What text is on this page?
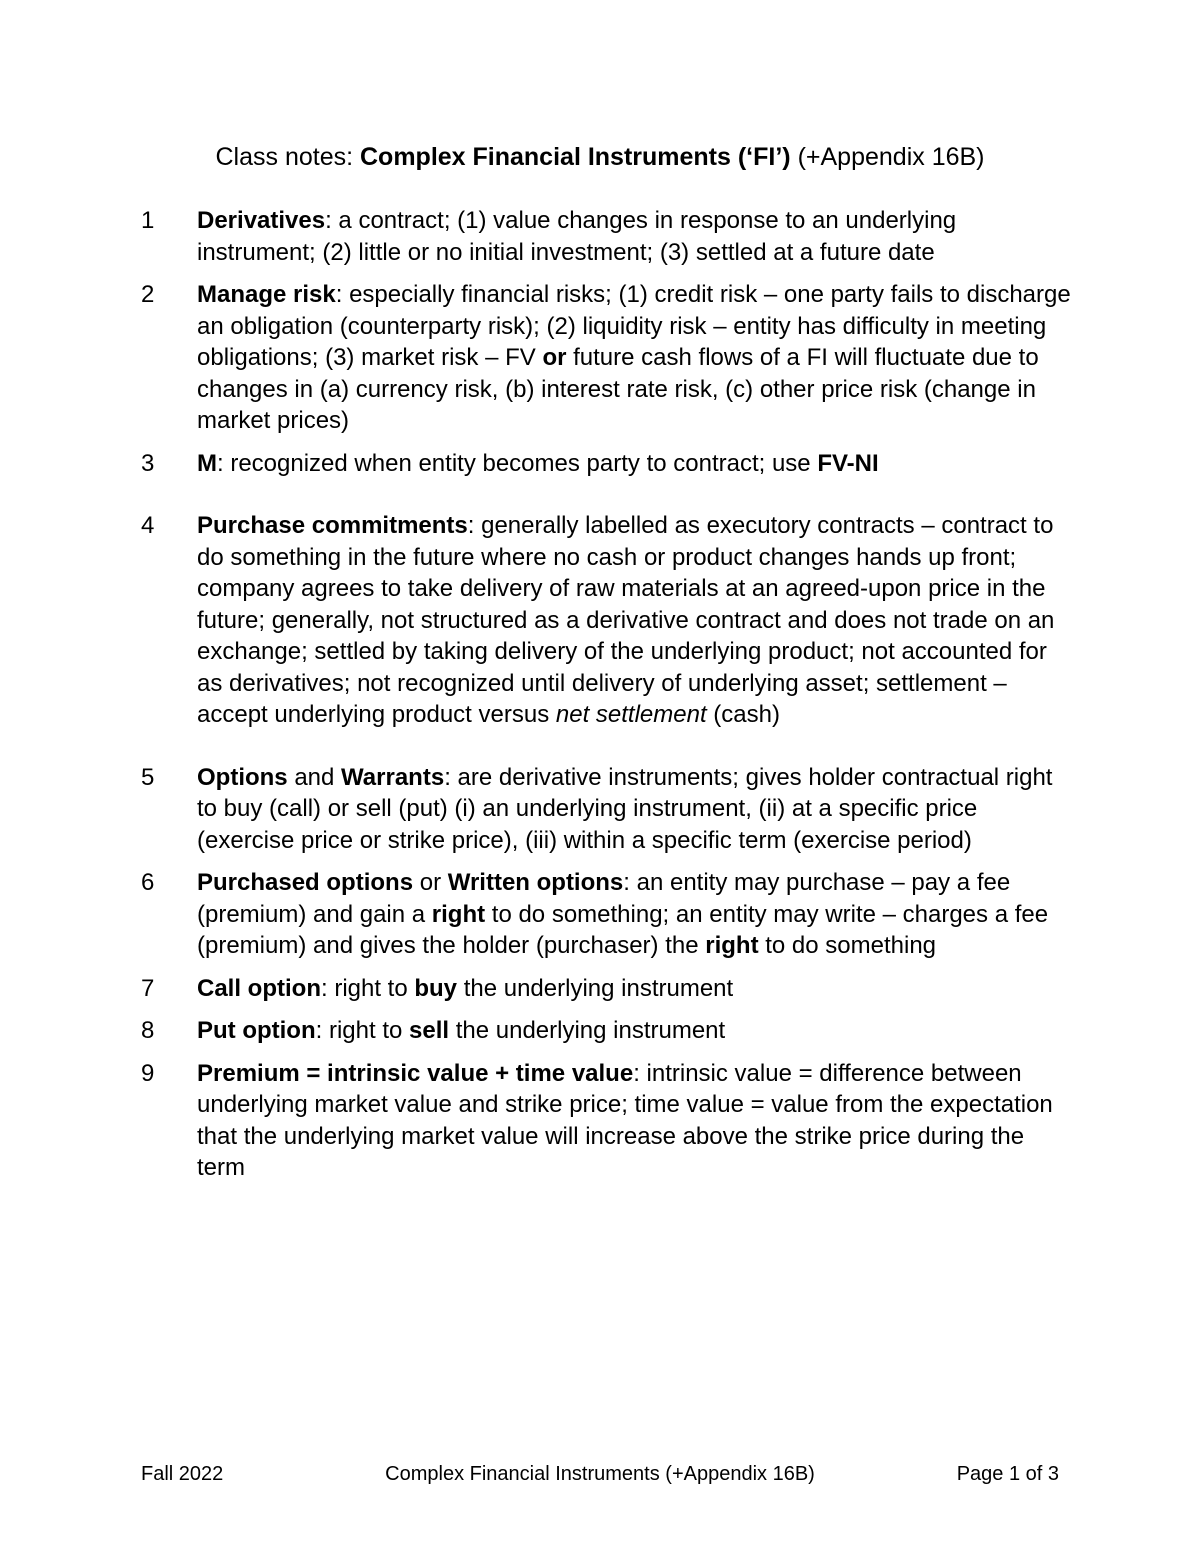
Class notes: Complex Financial Instruments (‘FI’) (+Appendix 16B)
1	Derivatives: a contract; (1) value changes in response to an underlying instrument; (2) little or no initial investment; (3) settled at a future date
2	Manage risk: especially financial risks; (1) credit risk – one party fails to discharge an obligation (counterparty risk); (2) liquidity risk – entity has difficulty in meeting obligations; (3) market risk – FV or future cash flows of a FI will fluctuate due to changes in (a) currency risk, (b) interest rate risk, (c) other price risk (change in market prices)
3	M: recognized when entity becomes party to contract; use FV-NI
4	Purchase commitments: generally labelled as executory contracts – contract to do something in the future where no cash or product changes hands up front; company agrees to take delivery of raw materials at an agreed-upon price in the future; generally, not structured as a derivative contract and does not trade on an exchange; settled by taking delivery of the underlying product; not accounted for as derivatives; not recognized until delivery of underlying asset; settlement – accept underlying product versus net settlement (cash)
5	Options and Warrants: are derivative instruments; gives holder contractual right to buy (call) or sell (put) (i) an underlying instrument, (ii) at a specific price (exercise price or strike price), (iii) within a specific term (exercise period)
6	Purchased options or Written options: an entity may purchase – pay a fee (premium) and gain a right to do something; an entity may write – charges a fee (premium) and gives the holder (purchaser) the right to do something
7	Call option: right to buy the underlying instrument
8	Put option: right to sell the underlying instrument
9	Premium = intrinsic value + time value: intrinsic value = difference between underlying market value and strike price; time value = value from the expectation that the underlying market value will increase above the strike price during the term
Fall 2022	Complex Financial Instruments (+Appendix 16B)	Page 1 of 3
